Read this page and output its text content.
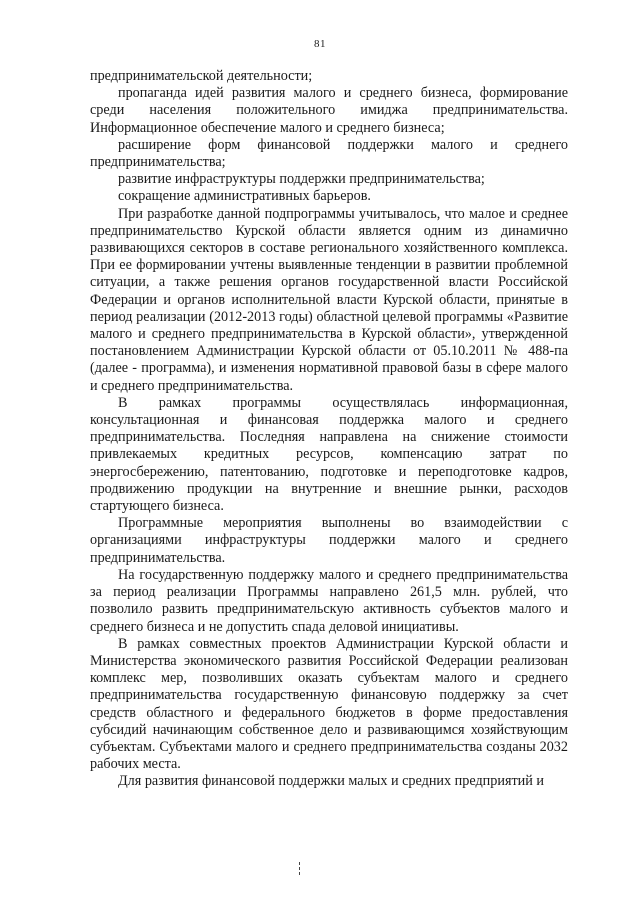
81

предпринимательской деятельности;

пропаганда идей развития малого и среднего бизнеса, формирование среди населения положительного имиджа предпринимательства. Информационное обеспечение малого и среднего бизнеса;

расширение форм финансовой поддержки малого и среднего предпринимательства;

развитие инфраструктуры поддержки предпринимательства;

сокращение административных барьеров.

При разработке данной подпрограммы учитывалось, что малое и среднее предпринимательство Курской области является одним из динамично развивающихся секторов в составе регионального хозяйственного комплекса. При ее формировании учтены выявленные тенденции в развитии проблемной ситуации, а также решения органов государственной власти Российской Федерации и органов исполнительной власти Курской области, принятые в период реализации (2012-2013 годы) областной целевой программы «Развитие малого и среднего предпринимательства в Курской области», утвержденной постановлением Администрации Курской области от 05.10.2011 № 488-па (далее - программа), и изменения нормативной правовой базы в сфере малого и среднего предпринимательства.

В рамках программы осуществлялась информационная, консультационная и финансовая поддержка малого и среднего предпринимательства. Последняя направлена на снижение стоимости привлекаемых кредитных ресурсов, компенсацию затрат по энергосбережению, патентованию, подготовке и переподготовке кадров, продвижению продукции на внутренние и внешние рынки, расходов стартующего бизнеса.

Программные мероприятия выполнены во взаимодействии с организациями инфраструктуры поддержки малого и среднего предпринимательства.

На государственную поддержку малого и среднего предпринимательства за период реализации Программы направлено 261,5 млн. рублей, что позволило развить предпринимательскую активность субъектов малого и среднего бизнеса и не допустить спада деловой инициативы.

В рамках совместных проектов Администрации Курской области и Министерства экономического развития Российской Федерации реализован комплекс мер, позволивших оказать субъектам малого и среднего предпринимательства государственную финансовую поддержку за счет средств областного и федерального бюджетов в форме предоставления субсидий начинающим собственное дело и развивающимся хозяйствующим субъектам. Субъектами малого и среднего предпринимательства созданы 2032 рабочих места.

Для развития финансовой поддержки малых и средних предприятий и
